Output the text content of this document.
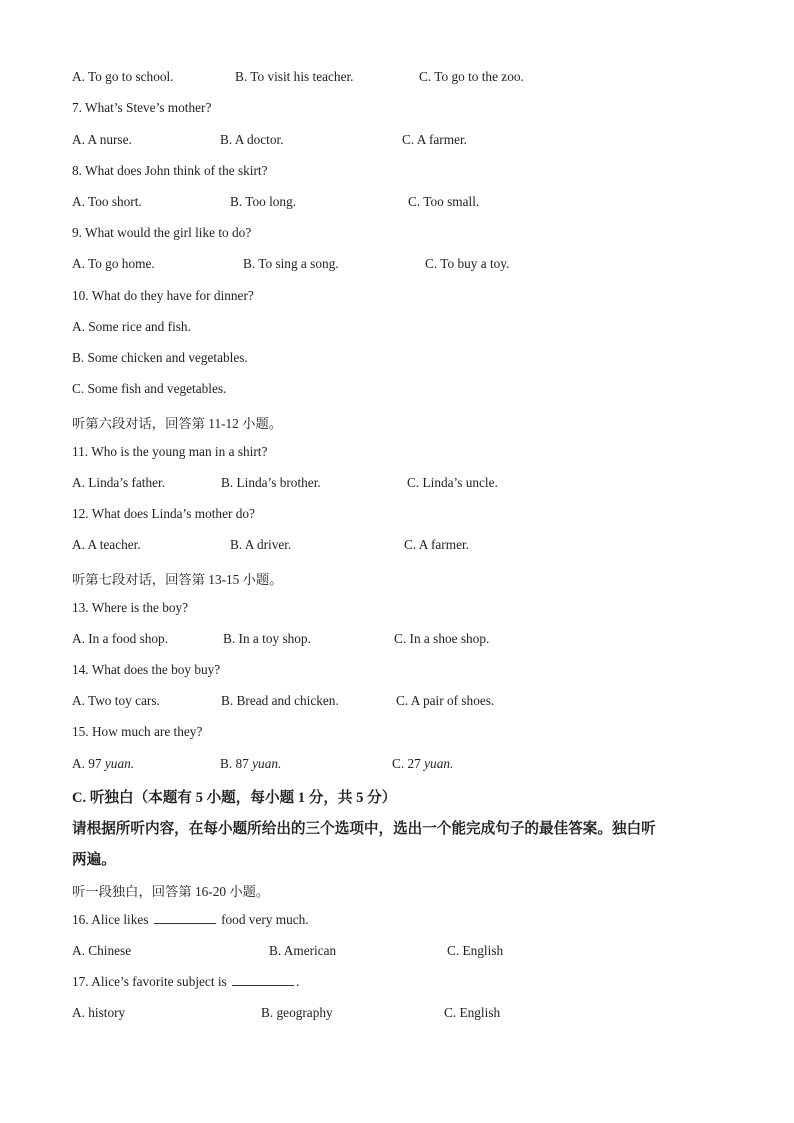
A. To go to school.	B. To visit his teacher.	C. To go to the zoo.
7. What’s Steve’s mother?
A. A nurse.	B. A doctor.	C. A farmer.
8. What does John think of the skirt?
A. Too short.	B. Too long.	C. Too small.
9. What would the girl like to do?
A. To go home.	B. To sing a song.	C. To buy a toy.
10. What do they have for dinner?
A. Some rice and fish.
B. Some chicken and vegetables.
C. Some fish and vegetables.
听第六段对话，回答第 11-12 小题。
11. Who is the young man in a shirt?
A. Linda’s father.	B. Linda’s brother.	C. Linda’s uncle.
12. What does Linda’s mother do?
A. A teacher.	B. A driver.	C. A farmer.
听第七段对话，回答第 13-15 小题。
13. Where is the boy?
A. In a food shop.	B. In a toy shop.	C. In a shoe shop.
14. What does the boy buy?
A. Two toy cars.	B. Bread and chicken.	C. A pair of shoes.
15. How much are they?
A. 97 yuan.	B. 87 yuan.	C. 27 yuan.
C. 听独白（本题有 5 小题，每小题 1 分，共 5 分）
请根据所听内容，在每小题所给出的三个选项中，选出一个能完成句子的最佳答案。独白听
两遍。
听一段独白，回答第 16-20 小题。
16. Alice likes	food very much.
A. Chinese	B. American	C. English
17. Alice’s favorite subject is	.
A. history	B. geography	C. English
